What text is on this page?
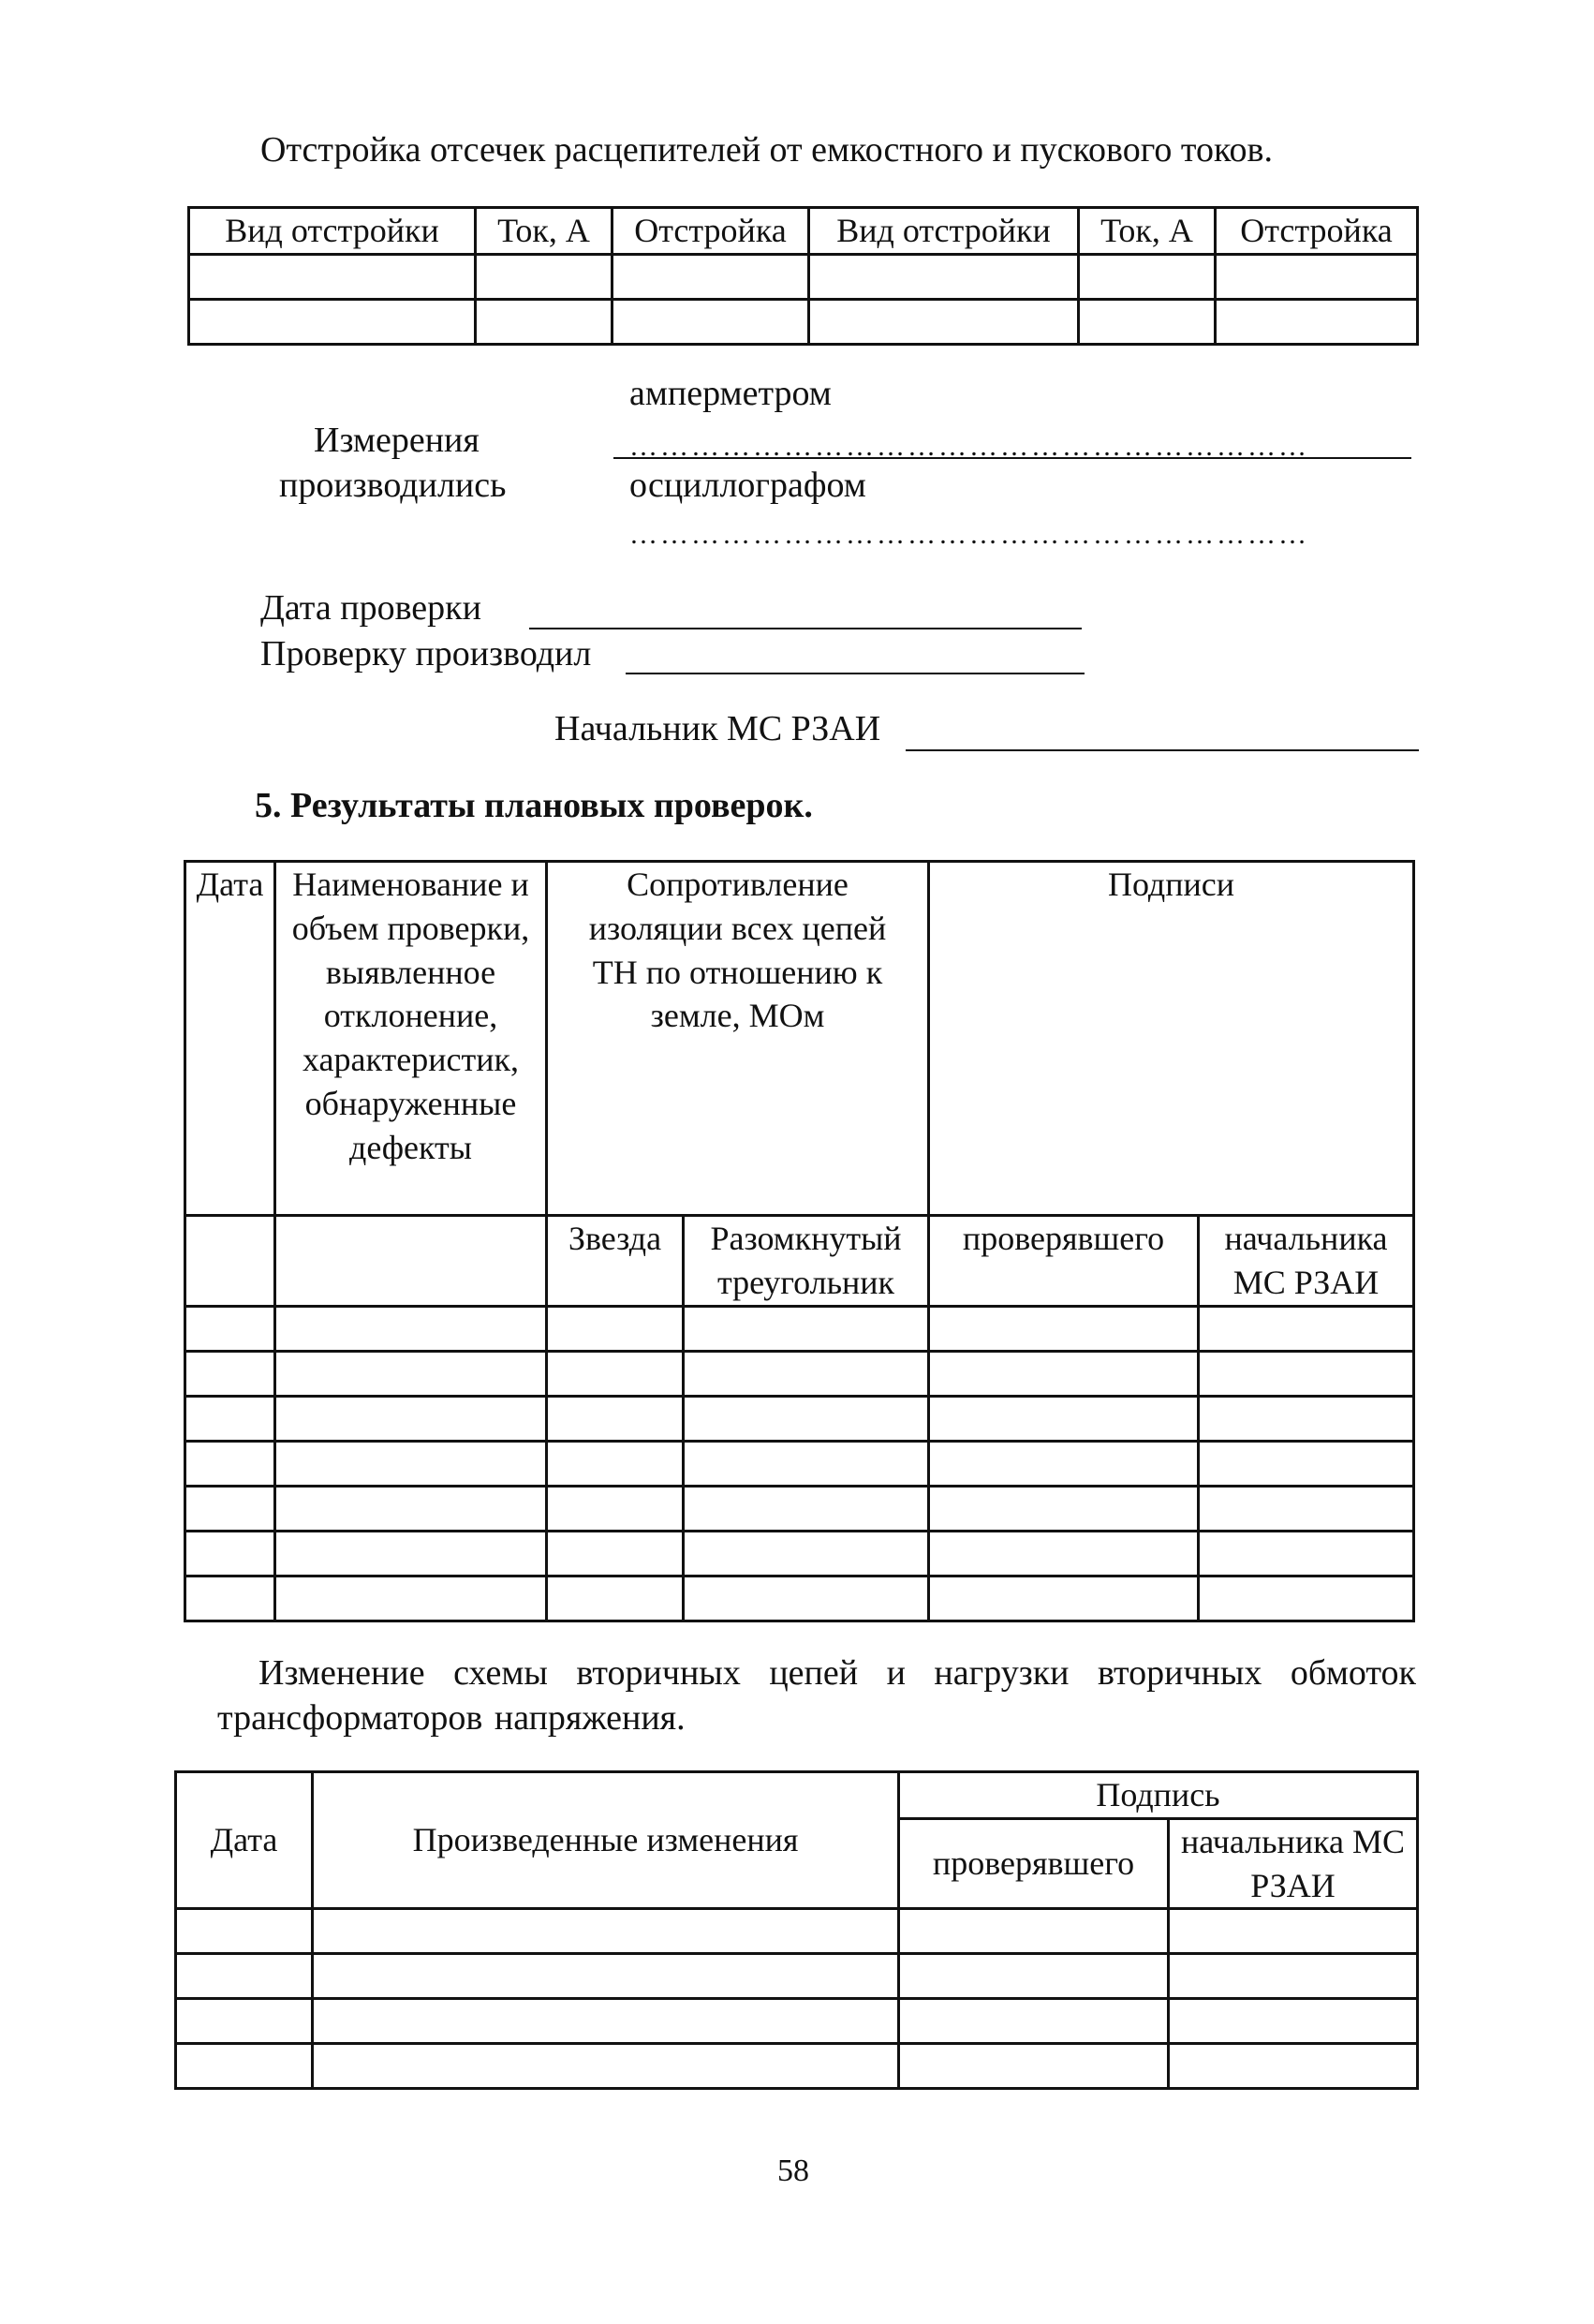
Отстройка отсечек расцепителей от емкостного и пускового токов.
Вид отстройки	Ток, А	Отстройка	Вид отстройки	Ток, А	Отстройка

амперметром
Измерения
производились
…………………………………………………………
осциллографом
…………………………………………………………
Дата проверки
Проверку производил
Начальник МС РЗАИ
5. Результаты плановых проверок.
Дата	Наименование и объем проверки, выявленное отклонение, характеристик, обнаруженные дефекты	Сопротивление изоляции всех цепей ТН по отношению к земле, МОм		Подписи	
		Звезда	Разомкнутый треугольник	проверявшего	начальника МС РЗАИ

Изменение схемы вторичных цепей и нагрузки вторичных обмоток трансформаторов напряжения.
Дата	Произведенные изменения	Подпись	
		проверявшего	начальника МС РЗАИ

58
